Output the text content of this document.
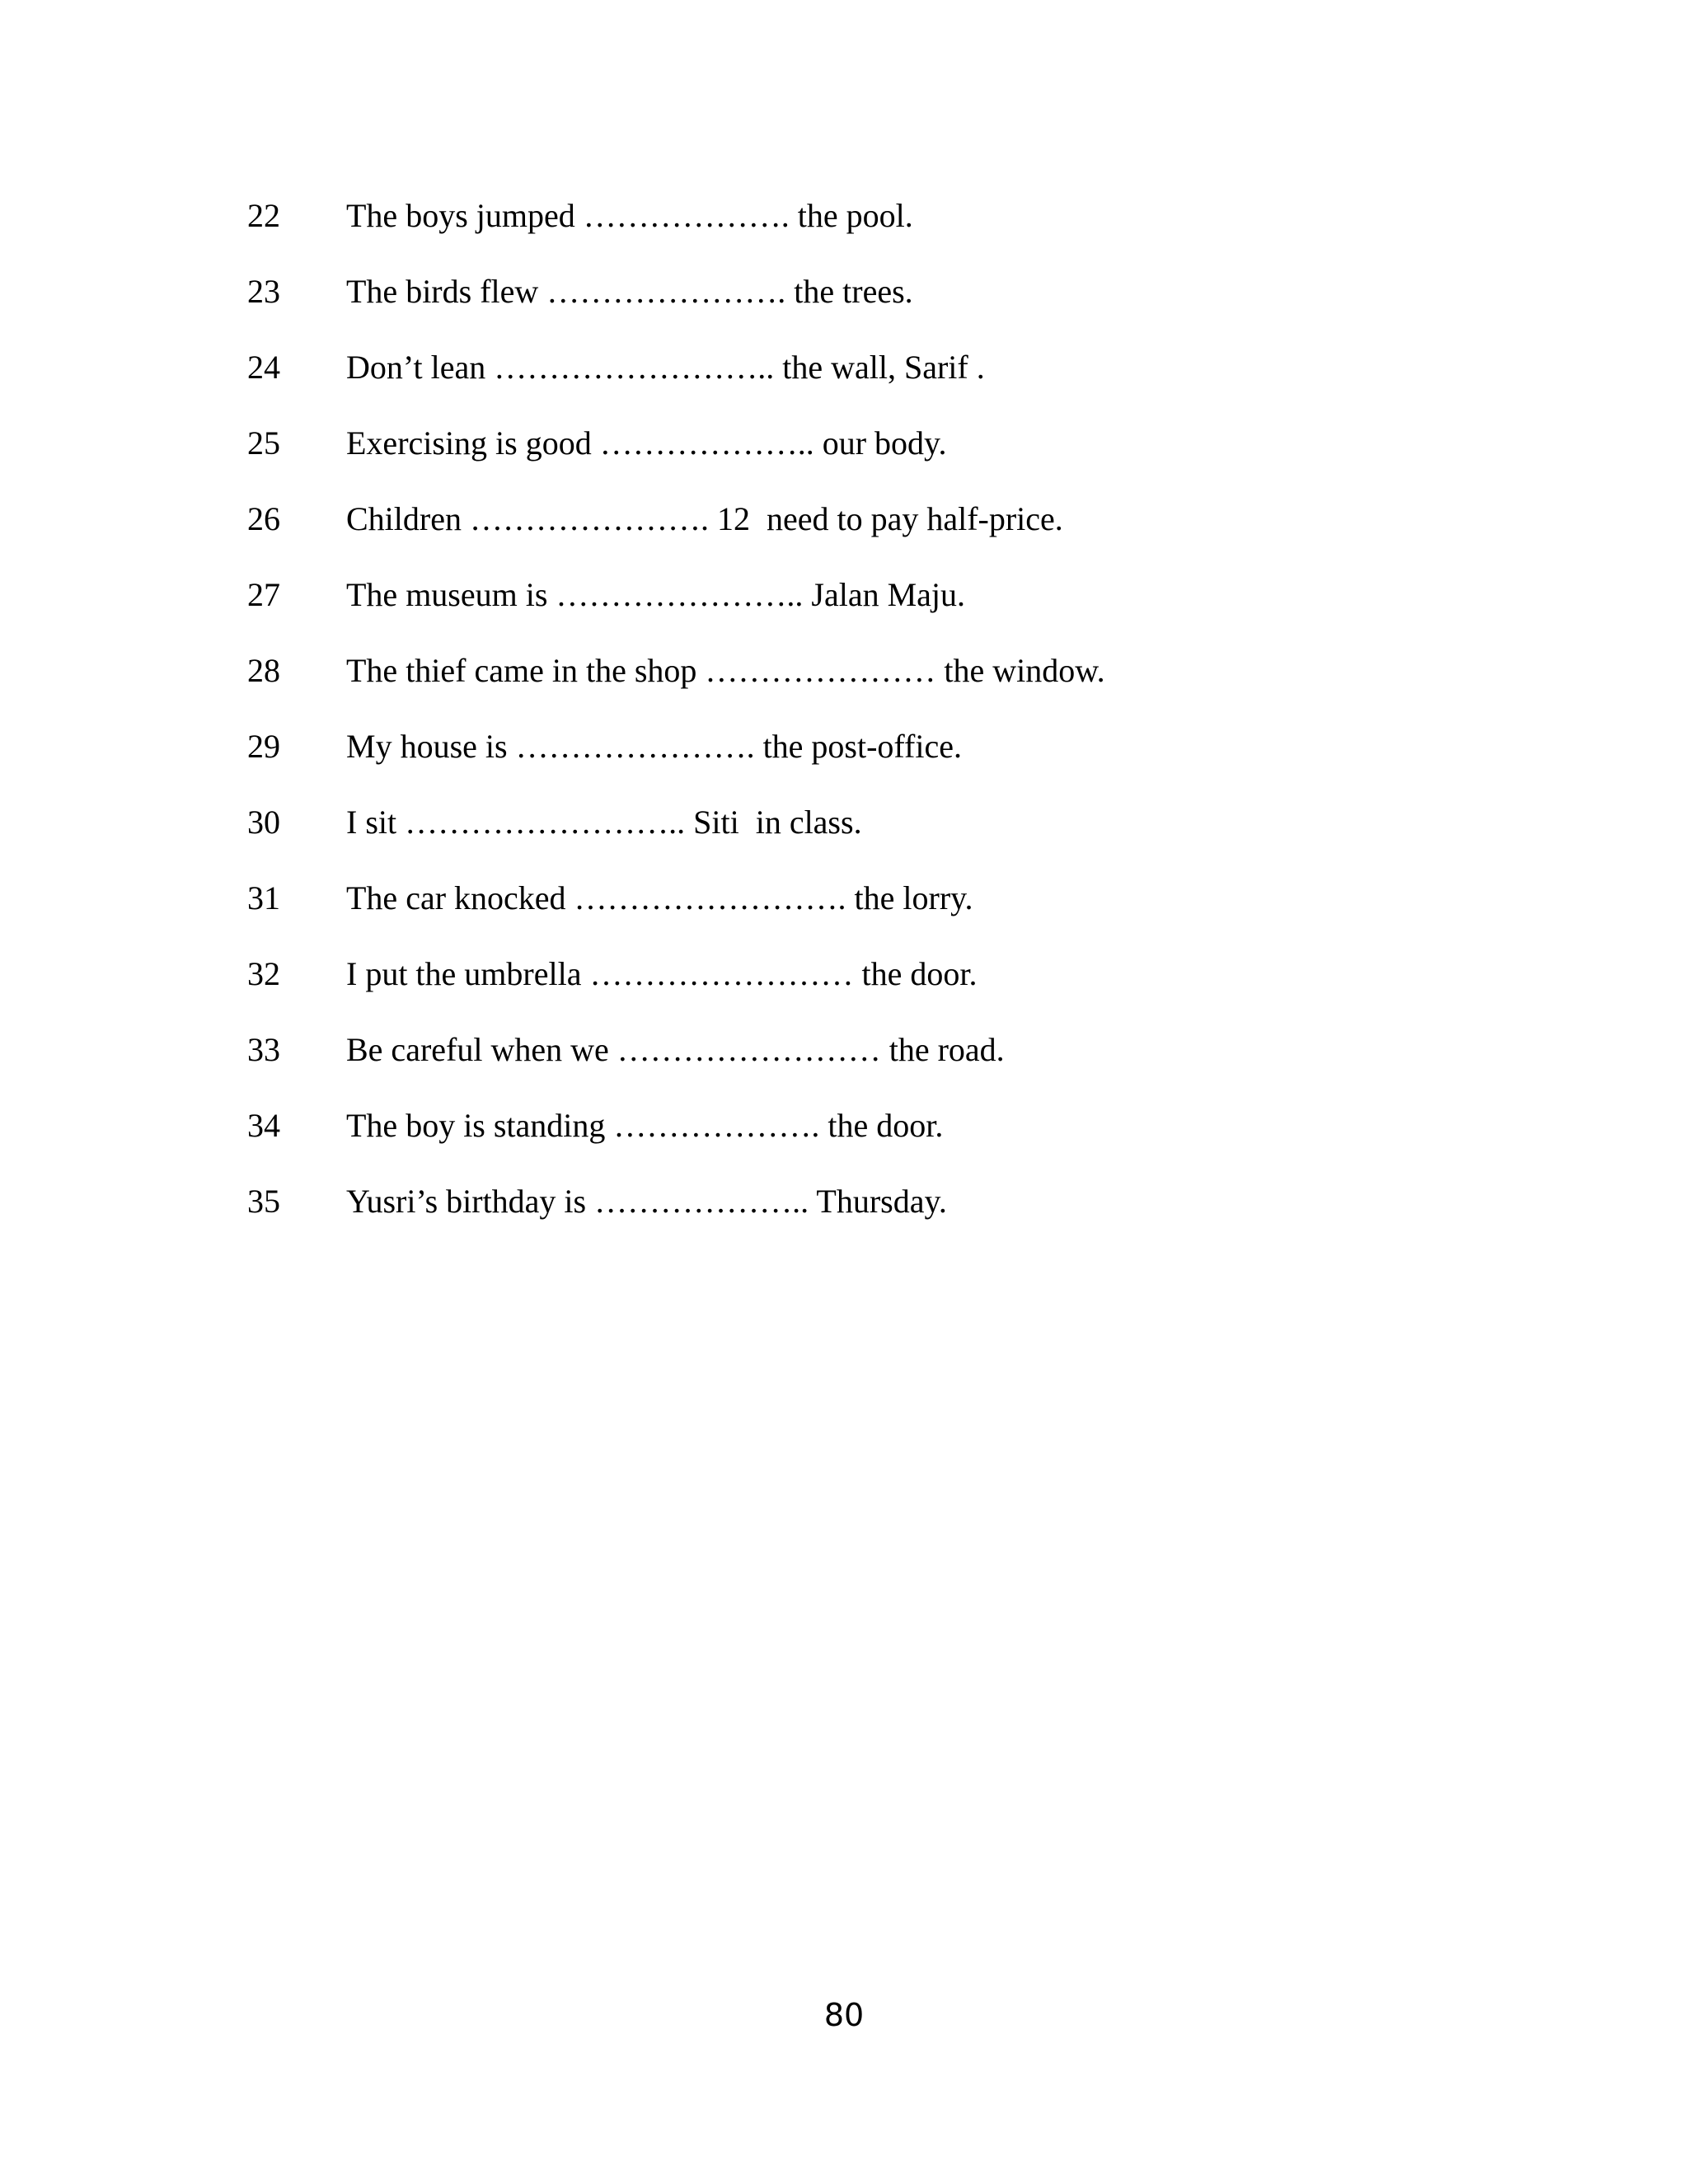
22

The boys jumped ………………. the pool.

23

The birds flew …………………. the trees.

24

Don’t lean …………………….. the wall, Sarif .

25

Exercising is good ……………….. our body.

26

Children …………………. 12  need to pay half-price.

27

The museum is ………………….. Jalan Maju.

28

The thief came in the shop ………………… the window.

29

My house is …………………. the post-office.

30

I sit …………………….. Siti  in class.

31

The car knocked ……………………. the lorry.

32

I put the umbrella …………………… the door.

33

Be careful when we …………………… the road.

34

The boy is standing ………………. the door.

35

Yusri’s birthday is ……………….. Thursday.

80
